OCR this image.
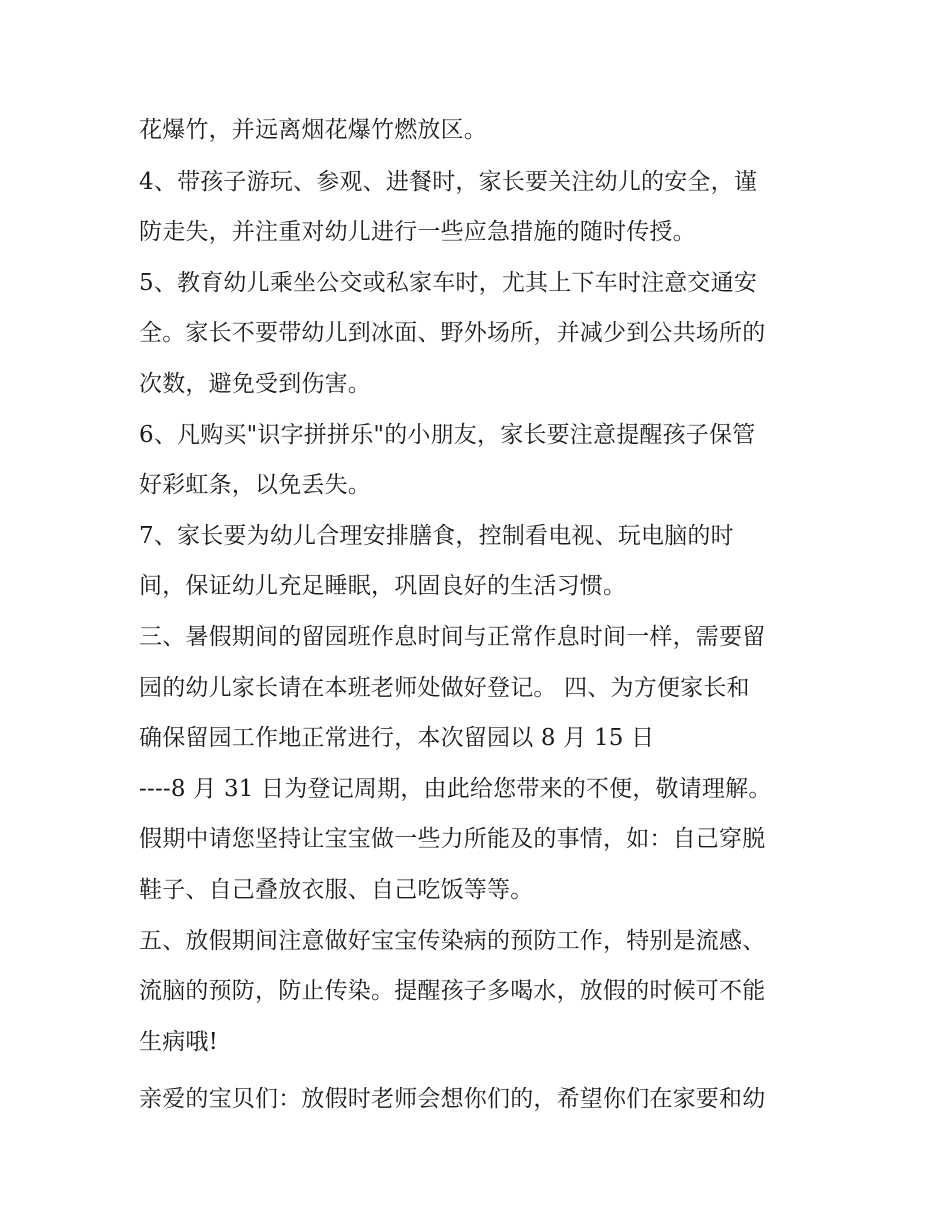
花爆竹，并远离烟花爆竹燃放区。
4、带孩子游玩、参观、进餐时，家长要关注幼儿的安全，谨
防走失，并注重对幼儿进行一些应急措施的随时传授。
5、教育幼儿乘坐公交或私家车时，尤其上下车时注意交通安
全。家长不要带幼儿到冰面、野外场所，并减少到公共场所的
次数，避免受到伤害。
6、凡购买"识字拼拼乐"的小朋友，家长要注意提醒孩子保管
好彩虹条，以免丢失。
7、家长要为幼儿合理安排膳食，控制看电视、玩电脑的时
间，保证幼儿充足睡眠，巩固良好的生活习惯。
三、暑假期间的留园班作息时间与正常作息时间一样，需要留
园的幼儿家长请在本班老师处做好登记。 四、为方便家长和
确保留园工作地正常进行，本次留园以 8 月 15 日
----8 月 31 日为登记周期，由此给您带来的不便，敬请理解。
假期中请您坚持让宝宝做一些力所能及的事情，如：自己穿脱
鞋子、自己叠放衣服、自己吃饭等等。
五、放假期间注意做好宝宝传染病的预防工作，特别是流感、
流脑的预防，防止传染。提醒孩子多喝水，放假的时候可不能
生病哦!
亲爱的宝贝们：放假时老师会想你们的，希望你们在家要和幼
